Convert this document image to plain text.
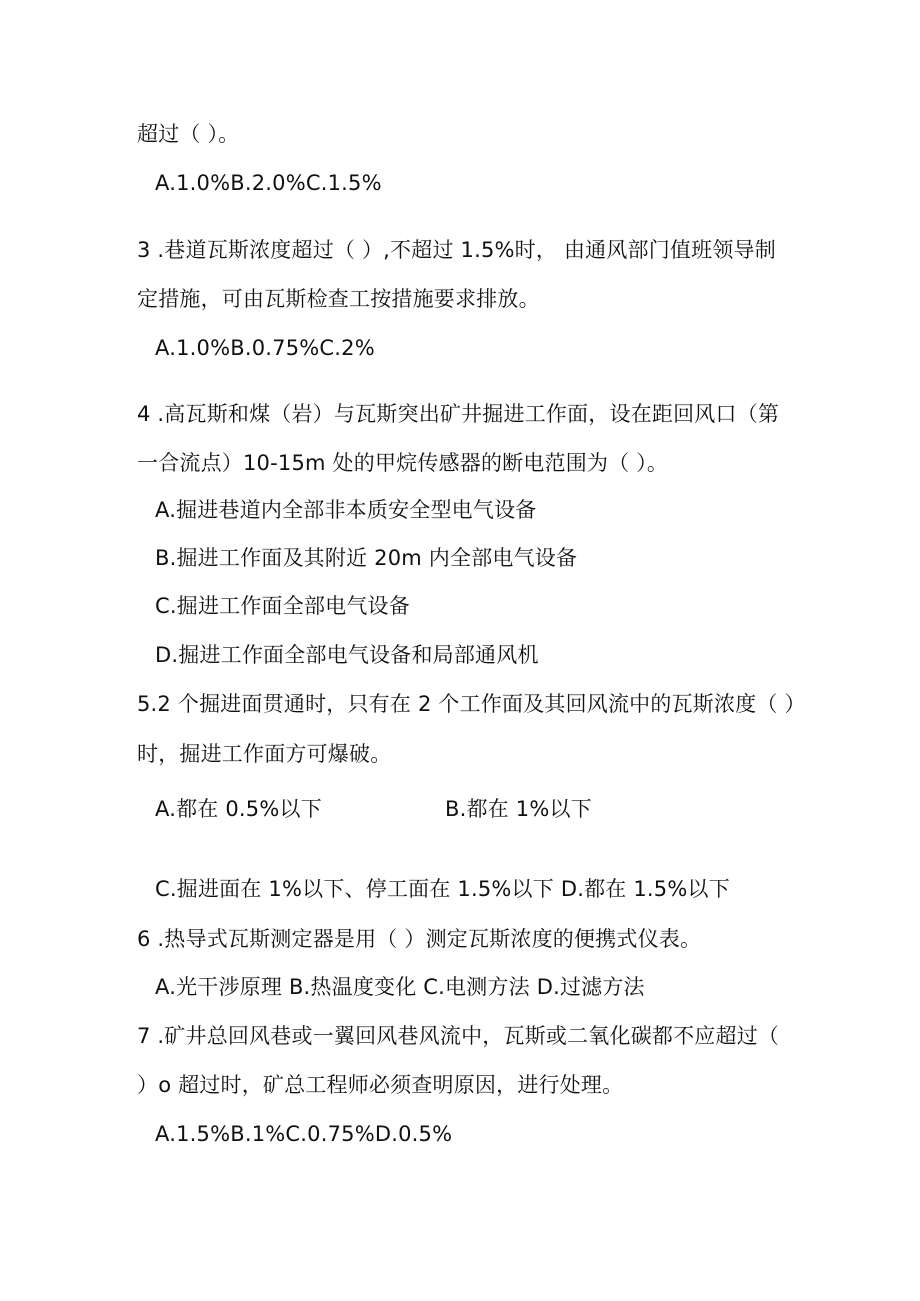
超过（ ）。
A.1.0%B.2.0%C.1.5%
3 .巷道瓦斯浓度超过（ ）,不超过 1.5%时， 由通风部门值班领导制
定措施，可由瓦斯检查工按措施要求排放。
A.1.0%B.0.75%C.2%
4 .高瓦斯和煤（岩）与瓦斯突出矿井掘进工作面，设在距回风口（第
一合流点）10-15m 处的甲烷传感器的断电范围为（ ）。
A.掘进巷道内全部非本质安全型电气设备
B.掘进工作面及其附近 20m 内全部电气设备
C.掘进工作面全部电气设备
D.掘进工作面全部电气设备和局部通风机
5.2 个掘进面贯通时，只有在 2 个工作面及其回风流中的瓦斯浓度（ ）
时，掘进工作面方可爆破。
A.都在 0.5%以下	B.都在 1%以下
C.掘进面在 1%以下、停工面在 1.5%以下 D.都在 1.5%以下
6 .热导式瓦斯测定器是用（ ）测定瓦斯浓度的便携式仪表。
A.光干涉原理 B.热温度变化 C.电测方法 D.过滤方法
7 .矿井总回风巷或一翼回风巷风流中，瓦斯或二氧化碳都不应超过（
）o 超过时，矿总工程师必须查明原因，进行处理。
A.1.5%B.1%C.0.75%D.0.5%
